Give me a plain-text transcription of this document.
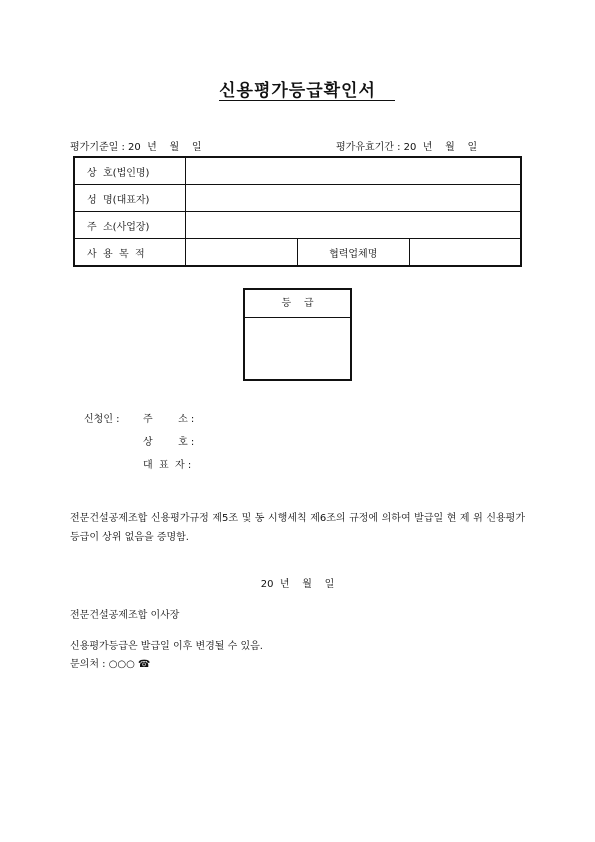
신용평가등급확인서
평가기준일 : 20  년    월    일	평가유효기간 : 20  년    월    일
상  호(법인명)			
성  명(대표자)			
주  소(사업장)			
사  용  목  적		협력업체명	
등    급
신청인 : 주        소 :
상        호 :
대  표  자 :
전문건설공제조합 신용평가규정 제5조 및 동 시행세칙 제6조의 규정에 의하여 발급일 현 제 위 신용평가등급이 상위 없음을 증명함.
20  년    월    일
전문건설공제조합 이사장
신용평가등급은 발급일 이후 변경될 수 있음.
문의처 : ○○○ ☎
